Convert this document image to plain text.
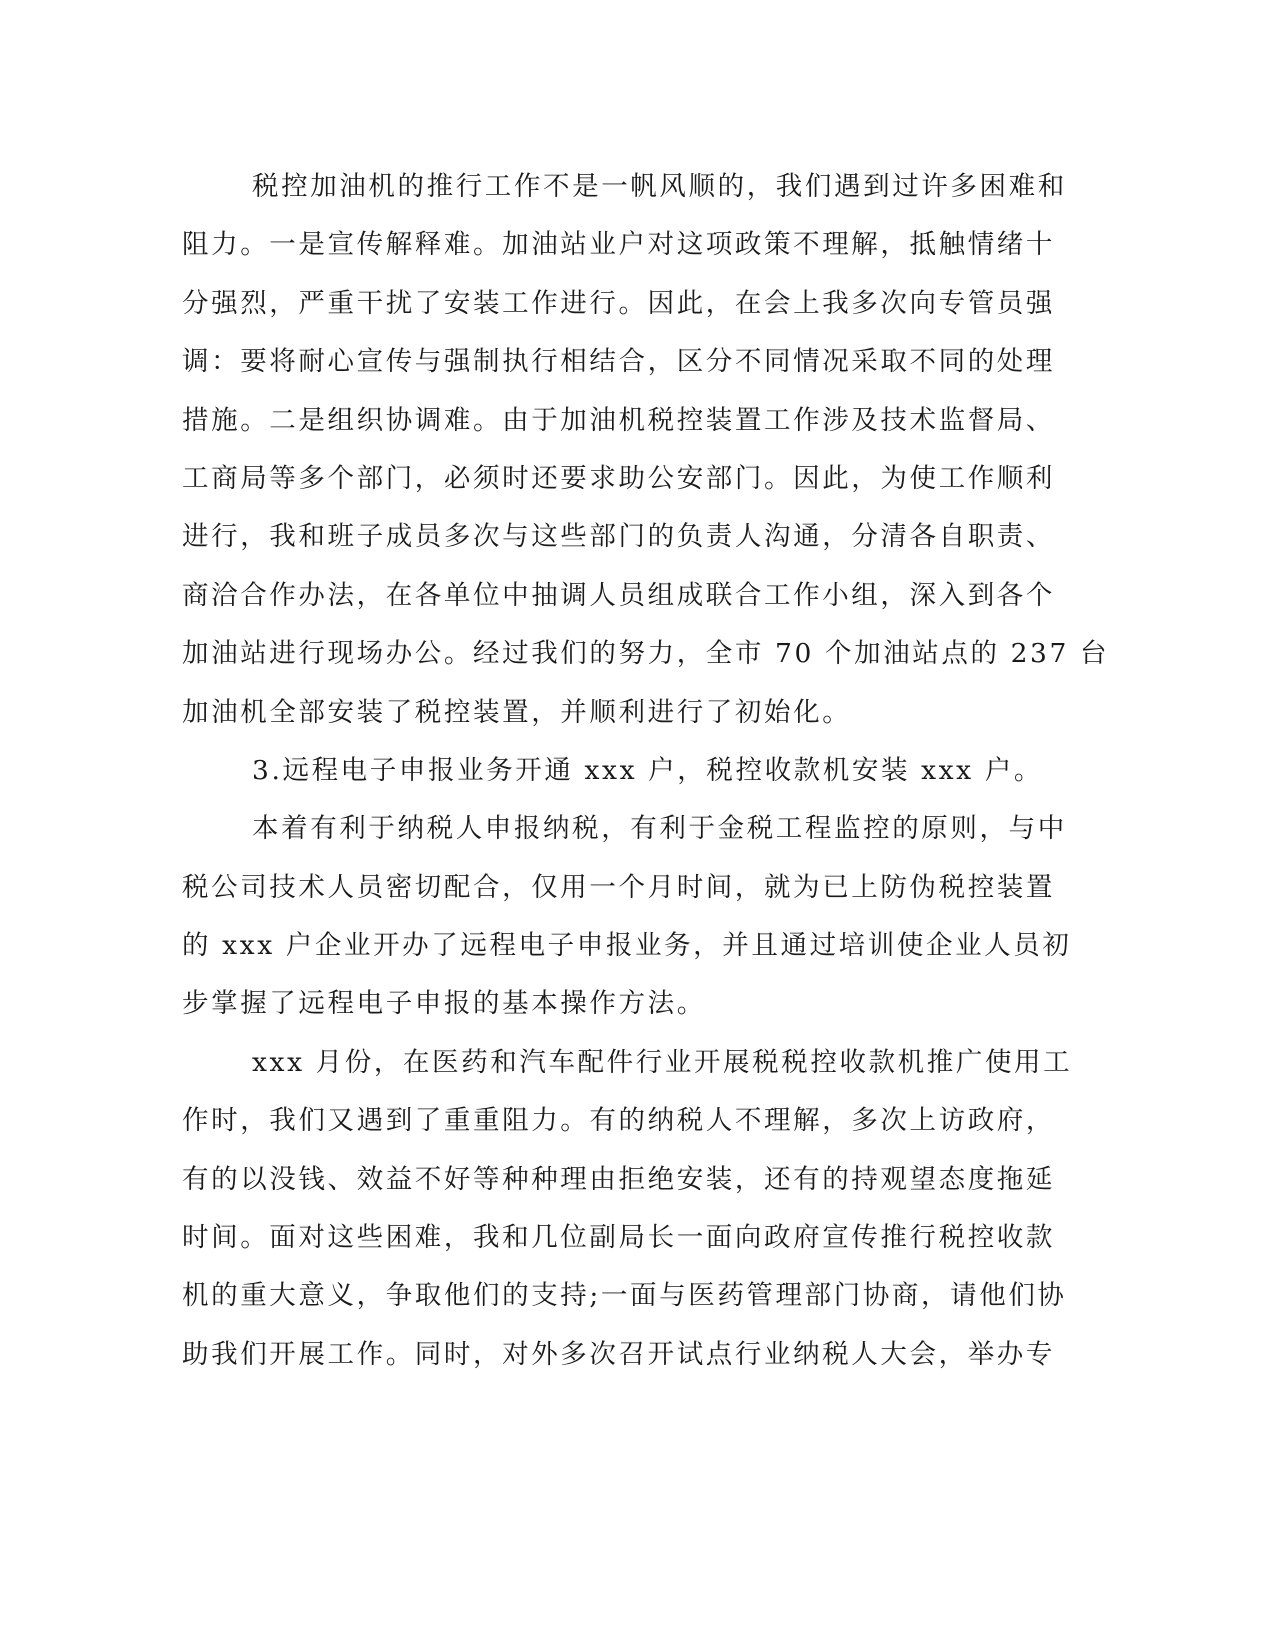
税控加油机的推行工作不是一帆风顺的，我们遇到过许多困难和
阻力。一是宣传解释难。加油站业户对这项政策不理解，抵触情绪十
分强烈，严重干扰了安装工作进行。因此，在会上我多次向专管员强
调：要将耐心宣传与强制执行相结合，区分不同情况采取不同的处理
措施。二是组织协调难。由于加油机税控装置工作涉及技术监督局、
工商局等多个部门，必须时还要求助公安部门。因此，为使工作顺利
进行，我和班子成员多次与这些部门的负责人沟通，分清各自职责、
商洽合作办法，在各单位中抽调人员组成联合工作小组，深入到各个
加油站进行现场办公。经过我们的努力，全市 70 个加油站点的 237 台
加油机全部安装了税控装置，并顺利进行了初始化。
3.远程电子申报业务开通 xxx 户，税控收款机安装 xxx 户。
本着有利于纳税人申报纳税，有利于金税工程监控的原则，与中
税公司技术人员密切配合，仅用一个月时间，就为已上防伪税控装置
的 xxx 户企业开办了远程电子申报业务，并且通过培训使企业人员初
步掌握了远程电子申报的基本操作方法。
xxx 月份，在医药和汽车配件行业开展税税控收款机推广使用工
作时，我们又遇到了重重阻力。有的纳税人不理解，多次上访政府，
有的以没钱、效益不好等种种理由拒绝安装，还有的持观望态度拖延
时间。面对这些困难，我和几位副局长一面向政府宣传推行税控收款
机的重大意义，争取他们的支持;一面与医药管理部门协商，请他们协
助我们开展工作。同时，对外多次召开试点行业纳税人大会，举办专
